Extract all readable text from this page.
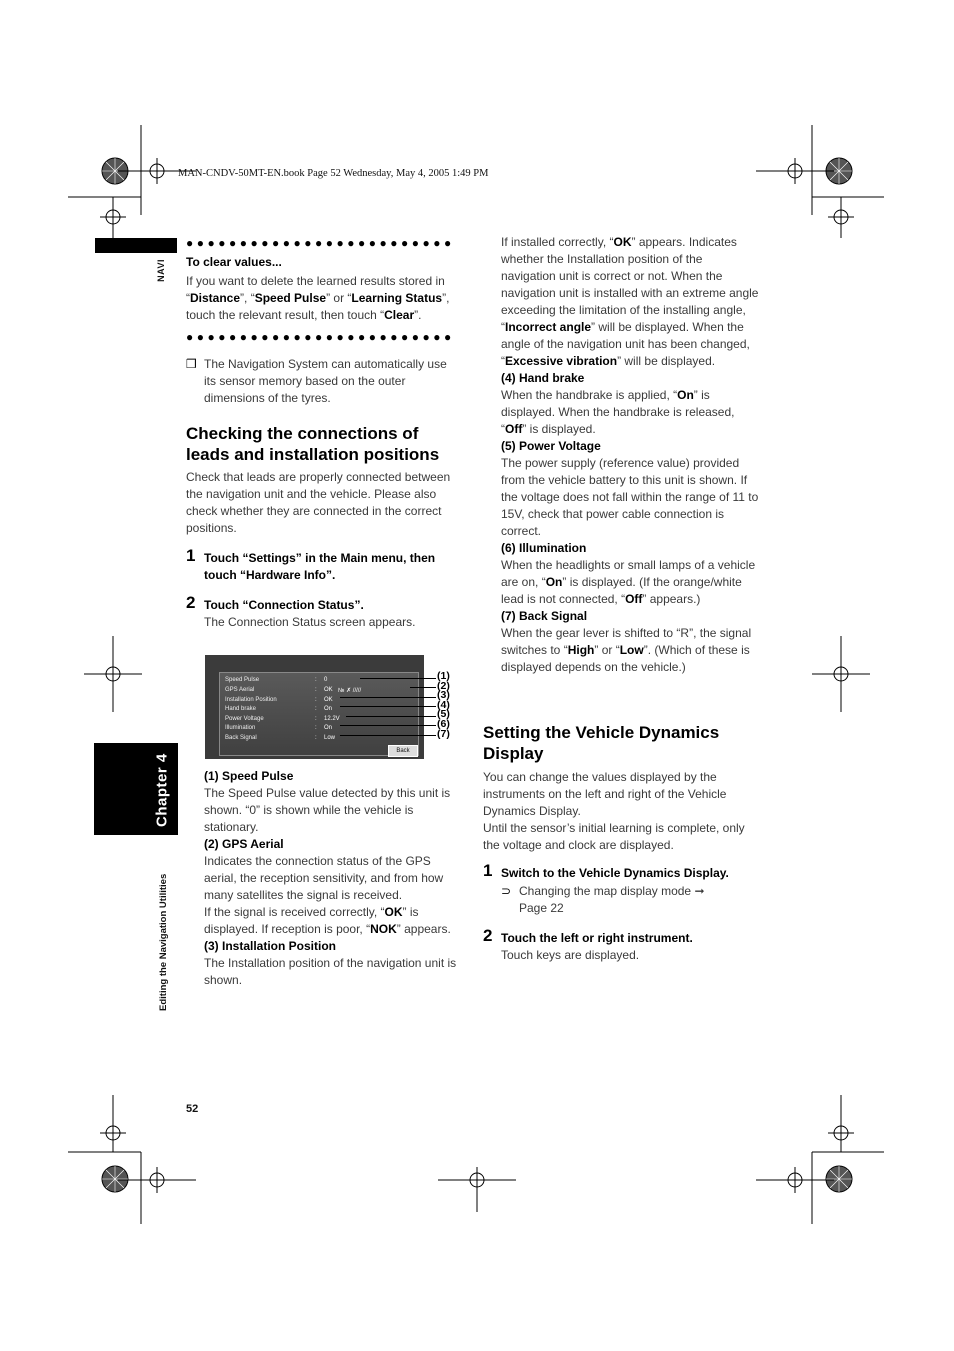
MAN-CNDV-50MT-EN.book Page 52 Wednesday, May 4, 2005 1:49 PM
NAVI
Chapter 4
Editing the Navigation Utilities
52
●●●●●●●●●●●●●●●●●●●●●●●●●

To clear values...

If you want to delete the learned results stored in “Distance”, “Speed Pulse” or “Learning Status”, touch the relevant result, then touch “Clear”.

●●●●●●●●●●●●●●●●●●●●●●●●●
❒ The Navigation System can automatically use its sensor memory based on the outer dimensions of the tyres.

Checking the connections of leads and installation positions

Check that leads are properly connected between the navigation unit and the vehicle. Please also check whether they are connected in the correct positions.

1 Touch “Settings” in the Main menu, then touch “Hardware Info”.

2 Touch “Connection Status”.

The Connection Status screen appears.

Speed Pulse
GPS Aerial
Installation Position
Hand brake
Power Voltage
Illumination
Back Signal
:
:
:
:
:
:
:
0
OK № ✗ /////
OK
On
12.2V
On
Low
Back
(1)
(2)
(3)
(4)
(5)
(6)
(7)

(1) Speed Pulse

The Speed Pulse value detected by this unit is shown. “0” is shown while the vehicle is stationary.

(2) GPS Aerial

Indicates the connection status of the GPS aerial, the reception sensitivity, and from how many satellites the signal is received.

If the signal is received correctly, “OK” is displayed. If reception is poor, “NOK” appears.

(3) Installation Position

The Installation position of the navigation unit is shown.

If installed correctly, “OK” appears. Indicates whether the Installation position of the navigation unit is correct or not. When the navigation unit is installed with an extreme angle exceeding the limitation of the installing angle, “Incorrect angle” will be displayed. When the angle of the navigation unit has been changed, “Excessive vibration” will be displayed.

(4) Hand brake

When the handbrake is applied, “On” is displayed. When the handbrake is released, “Off” is displayed.

(5) Power Voltage

The power supply (reference value) provided from the vehicle battery to this unit is shown. If the voltage does not fall within the range of 11 to 15V, check that power cable connection is correct.

(6) Illumination

When the headlights or small lamps of a vehicle are on, “On” is displayed. (If the orange/white lead is not connected, “Off” appears.)

(7) Back Signal

When the gear lever is shifted to “R”, the signal switches to “High” or “Low”. (Which of these is displayed depends on the vehicle.)

Setting the Vehicle Dynamics Display

You can change the values displayed by the instruments on the left and right of the Vehicle Dynamics Display.

Until the sensor’s initial learning is complete, only the voltage and clock are displayed.

1 Switch to the Vehicle Dynamics Display.

⊃ Changing the map display mode ➞ Page 22

2 Touch the left or right instrument.

Touch keys are displayed.
